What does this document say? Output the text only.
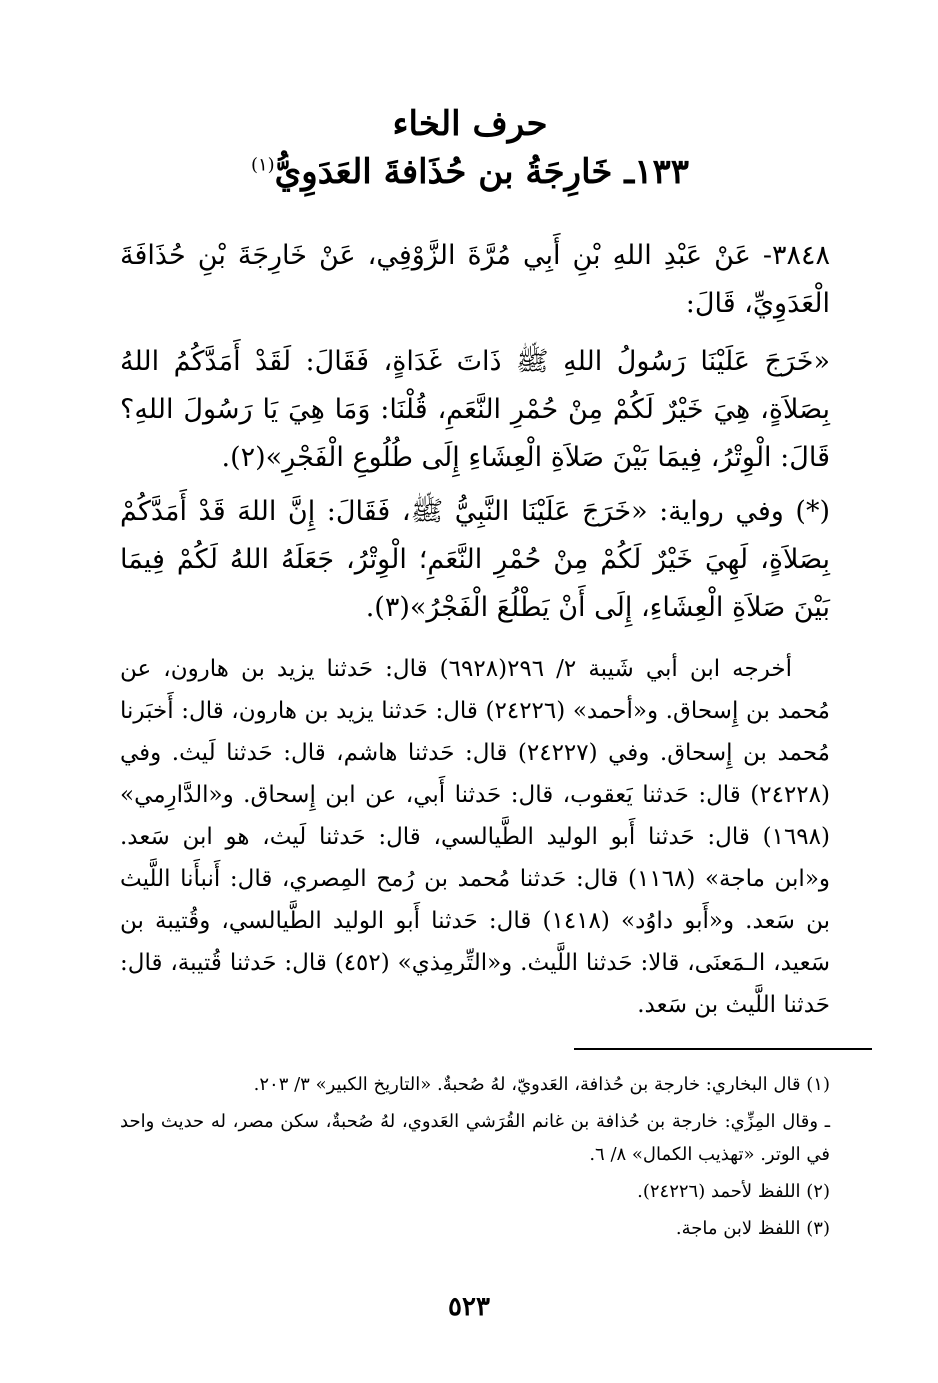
حرف الخاء
١٣٣ـ خَارِجَةُ بن حُذَافةَ العَدَوِيُّ$^{(١)}$
٣٨٤٨- عَنْ عَبْدِ اللهِ بْنِ أَبِي مُرَّةَ الزَّوْفِي، عَنْ خَارِجَةَ بْنِ حُذَافَةَ الْعَدَوِيِّ، قَالَ:
«خَرَجَ عَلَيْنَا رَسُولُ اللهِ ﷺ ذَاتَ غَدَاةٍ، فَقَالَ: لَقَدْ أَمَدَّكُمُ اللهُ بِصَلاَةٍ، هِيَ خَيْرٌ لَكُمْ مِنْ حُمْرِ النَّعَمِ، قُلْنَا: وَمَا هِيَ يَا رَسُولَ اللهِ؟ قَالَ: الْوِتْرُ، فِيمَا بَيْنَ صَلاَةِ الْعِشَاءِ إِلَى طُلُوعِ الْفَجْرِ»(٢).
(*) وفي رواية: «خَرَجَ عَلَيْنَا النَّبِيُّ ﷺ، فَقَالَ: إِنَّ اللهَ قَدْ أَمَدَّكُمْ بِصَلاَةٍ، لَهِيَ خَيْرٌ لَكُمْ مِنْ حُمْرِ النَّعَمِ؛ الْوِتْرُ، جَعَلَهُ اللهُ لَكُمْ فِيمَا بَيْنَ صَلاَةِ الْعِشَاءِ، إِلَى أَنْ يَطْلُعَ الْفَجْرُ»(٣).
أخرجه ابن أبي شَيبة ٢/ ٢٩٦(٦٩٢٨) قال: حَدثنا يزيد بن هارون، عن مُحمد بن إِسحاق. و«أحمد» (٢٤٢٢٦) قال: حَدثنا يزيد بن هارون، قال: أَخبَرنا مُحمد بن إِسحاق. وفي (٢٤٢٢٧) قال: حَدثنا هاشم، قال: حَدثنا لَيث. وفي (٢٤٢٢٨) قال: حَدثنا يَعقوب، قال: حَدثنا أَبي، عن ابن إِسحاق. و«الدَّارِمي» (١٦٩٨) قال: حَدثنا أَبو الوليد الطَّيالسي، قال: حَدثنا لَيث، هو ابن سَعد. و«ابن ماجة» (١١٦٨) قال: حَدثنا مُحمد بن رُمح المِصري، قال: أَنبأَنا اللَّيث بن سَعد. و«أَبو داوُد» (١٤١٨) قال: حَدثنا أَبو الوليد الطَّيالسي، وقُتيبة بن سَعيد، الـمَعنَى، قالا: حَدثنا اللَّيث. و«التِّرمِذي» (٤٥٢) قال: حَدثنا قُتيبة، قال: حَدثنا اللَّيث بن سَعد.
(١) قال البخاري: خارجة بن حُذافة، العَدويّ، لهُ صُحبةٌ. «التاريخ الكبير» ٣/ ٢٠٣.
ـ وقال المِزِّي: خارجة بن حُذافة بن غانم القُرَشي العَدوي، لهُ صُحبةٌ، سكن مصر، له حديث واحد في الوتر. «تهذيب الكمال» ٨/ ٦.
(٢) اللفظ لأحمد (٢٤٢٢٦).
(٣) اللفظ لابن ماجة.
٥٢٣
